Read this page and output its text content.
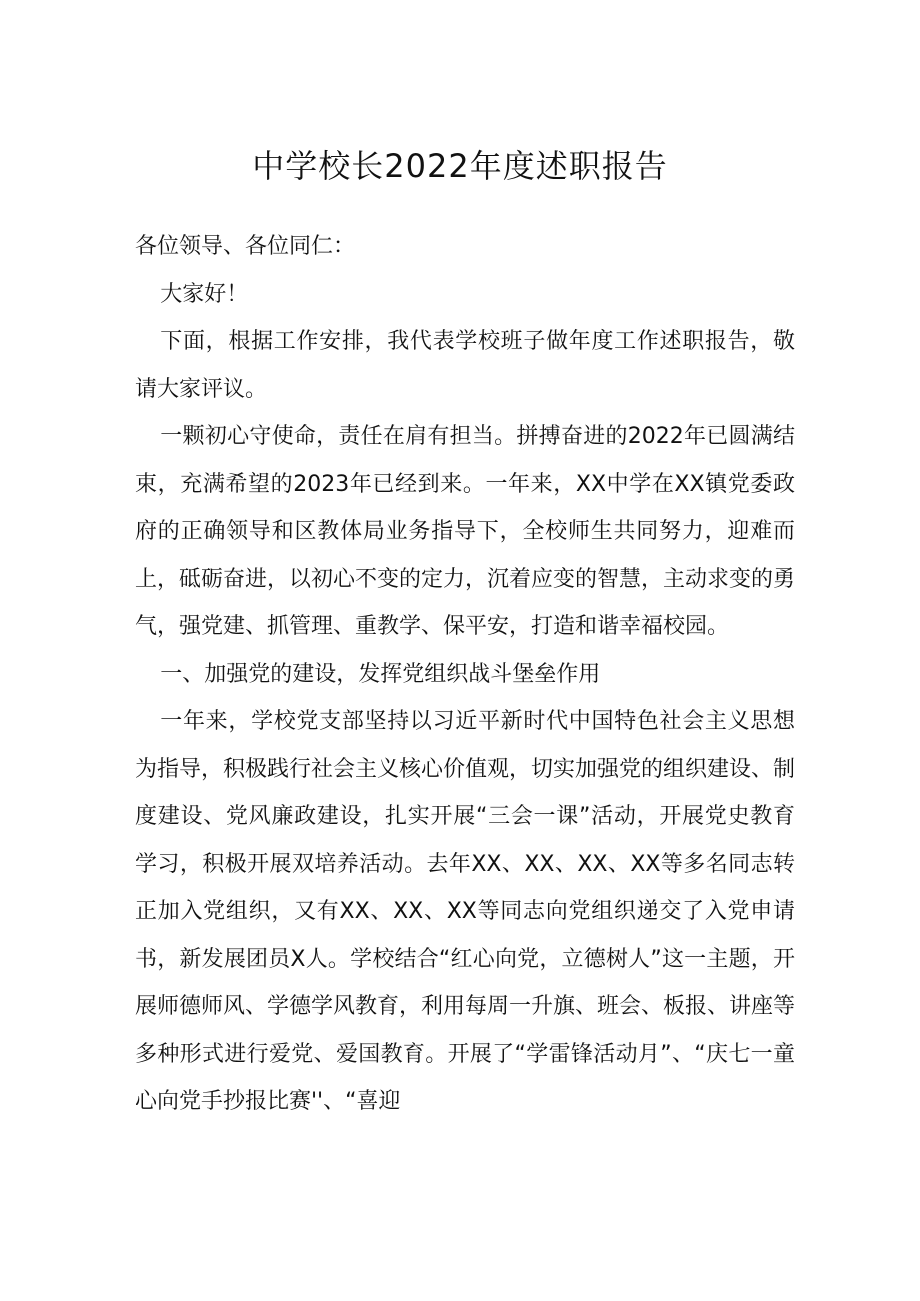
中学校长2022年度述职报告

各位领导、各位同仁：

大家好！

下面，根据工作安排，我代表学校班子做年度工作述职报告，敬请大家评议。

一颗初心守使命，责任在肩有担当。拼搏奋进的2022年已圆满结束，充满希望的2023年已经到来。一年来，XX中学在XX镇党委政府的正确领导和区教体局业务指导下，全校师生共同努力，迎难而上，砥砺奋进，以初心不变的定力，沉着应变的智慧，主动求变的勇气，强党建、抓管理、重教学、保平安，打造和谐幸福校园。

一、加强党的建设，发挥党组织战斗堡垒作用

一年来，学校党支部坚持以习近平新时代中国特色社会主义思想为指导，积极践行社会主义核心价值观，切实加强党的组织建设、制度建设、党风廉政建设，扎实开展“三会一课”活动，开展党史教育学习，积极开展双培养活动。去年XX、XX、XX、XX等多名同志转正加入党组织，又有XX、XX、XX等同志向党组织递交了入党申请书，新发展团员X人。学校结合“红心向党，立德树人”这一主题，开展师德师风、学德学风教育，利用每周一升旗、班会、板报、讲座等多种形式进行爱党、爱国教育。开展了“学雷锋活动月”、“庆七一童心向党手抄报比赛''、“喜迎
